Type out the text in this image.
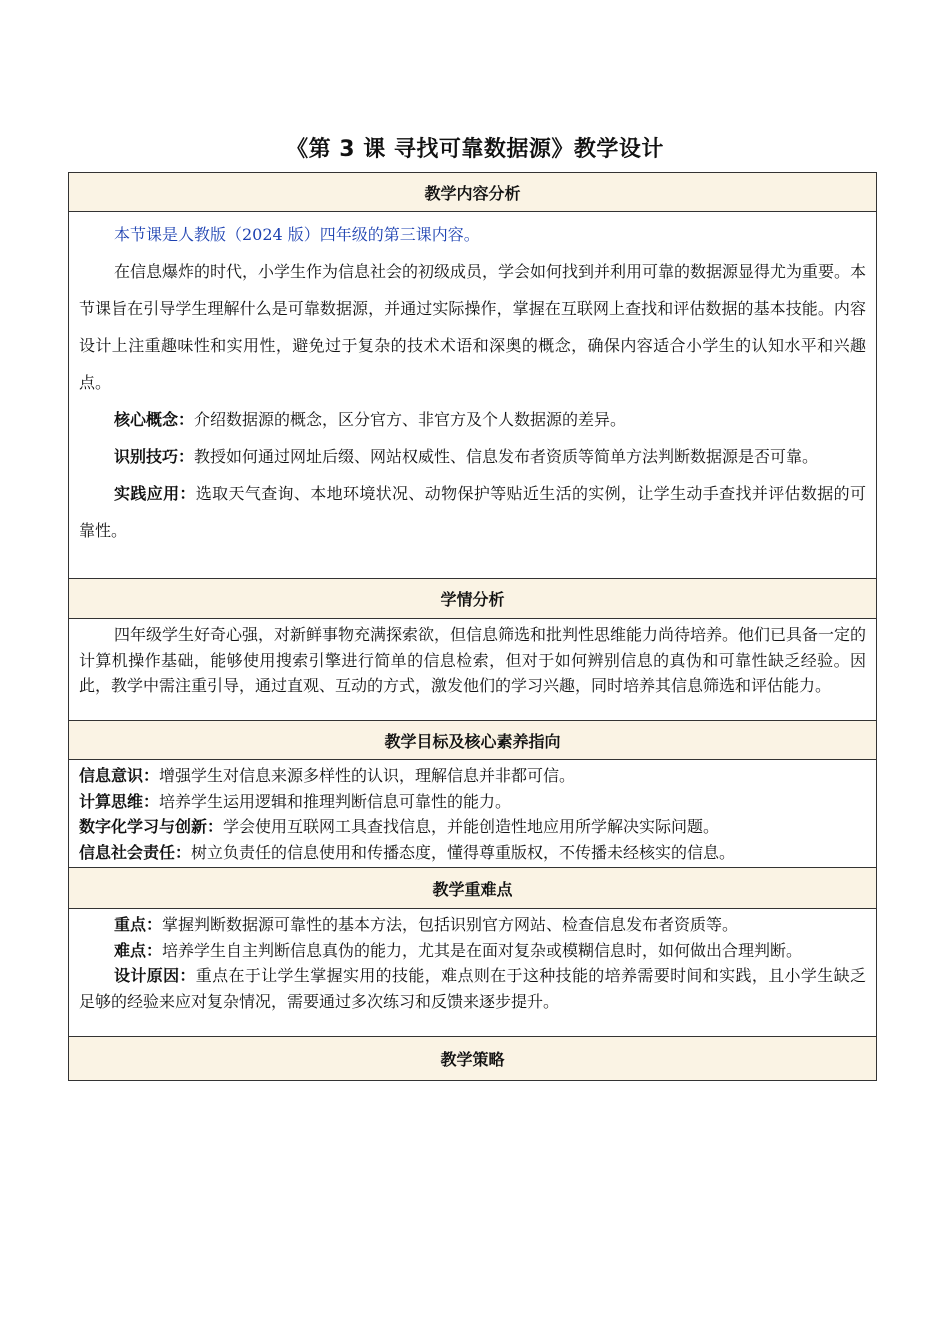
《第 3 课 寻找可靠数据源》教学设计
教学内容分析

本节课是人教版（2024 版）四年级的第三课内容。

在信息爆炸的时代，小学生作为信息社会的初级成员，学会如何找到并利用可靠的数据源显得尤为重要。本节课旨在引导学生理解什么是可靠数据源，并通过实际操作，掌握在互联网上查找和评估数据的基本技能。内容设计上注重趣味性和实用性，避免过于复杂的技术术语和深奥的概念，确保内容适合小学生的认知水平和兴趣点。

核心概念：介绍数据源的概念，区分官方、非官方及个人数据源的差异。

识别技巧：教授如何通过网址后缀、网站权威性、信息发布者资质等简单方法判断数据源是否可靠。

实践应用：选取天气查询、本地环境状况、动物保护等贴近生活的实例，让学生动手查找并评估数据的可靠性。

学情分析

四年级学生好奇心强，对新鲜事物充满探索欲，但信息筛选和批判性思维能力尚待培养。他们已具备一定的计算机操作基础，能够使用搜索引擎进行简单的信息检索，但对于如何辨别信息的真伪和可靠性缺乏经验。因此，教学中需注重引导，通过直观、互动的方式，激发他们的学习兴趣，同时培养其信息筛选和评估能力。

教学目标及核心素养指向

信息意识：增强学生对信息来源多样性的认识，理解信息并非都可信。

计算思维：培养学生运用逻辑和推理判断信息可靠性的能力。

数字化学习与创新：学会使用互联网工具查找信息，并能创造性地应用所学解决实际问题。

信息社会责任：树立负责任的信息使用和传播态度，懂得尊重版权，不传播未经核实的信息。

教学重难点

重点：掌握判断数据源可靠性的基本方法，包括识别官方网站、检查信息发布者资质等。

难点：培养学生自主判断信息真伪的能力，尤其是在面对复杂或模糊信息时，如何做出合理判断。

设计原因：重点在于让学生掌握实用的技能，难点则在于这种技能的培养需要时间和实践，且小学生缺乏足够的经验来应对复杂情况，需要通过多次练习和反馈来逐步提升。

教学策略
